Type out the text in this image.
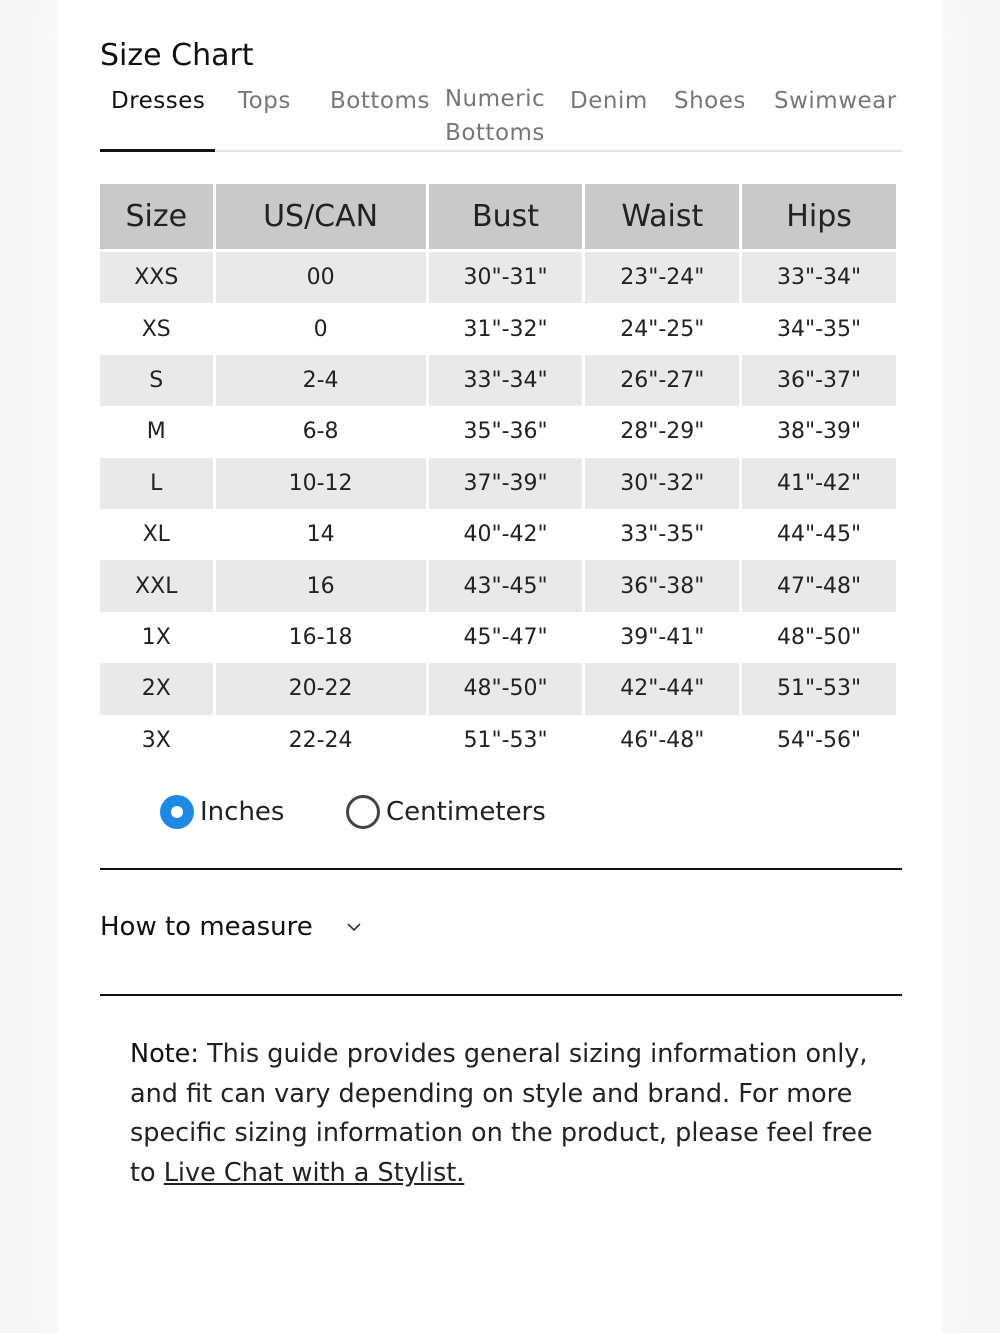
Size Chart
Dresses Tops Bottoms Numeric
Bottoms
Denim Shoes Swimwear
Size	US/CAN	Bust	Waist	Hips
XXS	00	30"-31"	23"-24"	33"-34"
XS	0	31"-32"	24"-25"	34"-35"
S	2-4	33"-34"	26"-27"	36"-37"
M	6-8	35"-36"	28"-29"	38"-39"
L	10-12	37"-39"	30"-32"	41"-42"
XL	14	40"-42"	33"-35"	44"-45"
XXL	16	43"-45"	36"-38"	47"-48"
1X	16-18	45"-47"	39"-41"	48"-50"
2X	20-22	48"-50"	42"-44"	51"-53"
3X	22-24	51"-53"	46"-48"	54"-56"
Inches	Centimeters
How to measure

Note: This guide provides general sizing information only, and fit can vary depending on style and brand. For more specific sizing information on the product, please feel free to Live Chat with a Stylist.
